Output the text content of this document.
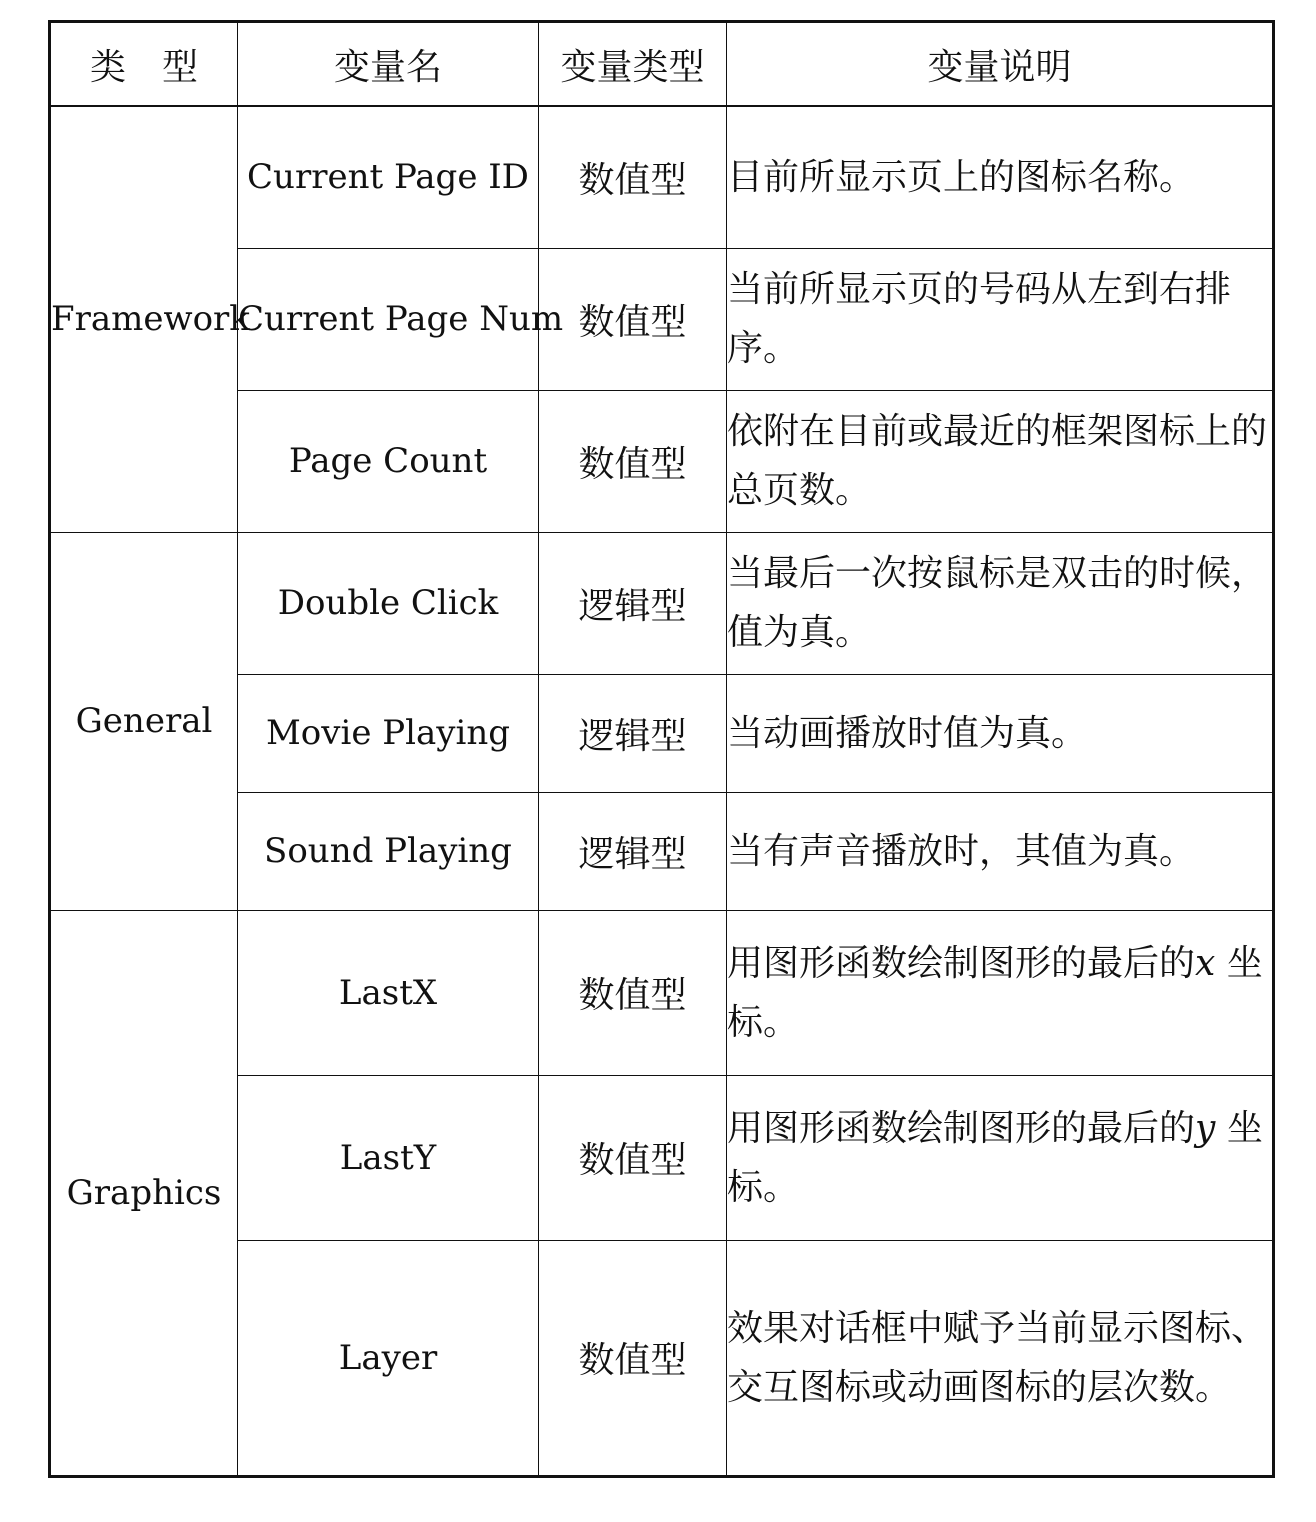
类　型	变量名	变量类型	变量说明
Framework	Current Page ID	数值型	目前所显示页上的图标名称。

	Current Page Num	数值型	当前所显示页的号码从左到右排序。

	Page Count	数值型	依附在目前或最近的框架图标上的总页数。

General	Double Click	逻辑型	当最后一次按鼠标是双击的时候，值为真。

	Movie Playing	逻辑型	当动画播放时值为真。

	Sound Playing	逻辑型	当有声音播放时，其值为真。

Graphics	LastX	数值型	用图形函数绘制图形的最后的x 坐标。
	LastY	数值型	用图形函数绘制图形的最后的y 坐标。
	Layer	数值型	效果对话框中赋予当前显示图标、交互图标或动画图标的层次数。
